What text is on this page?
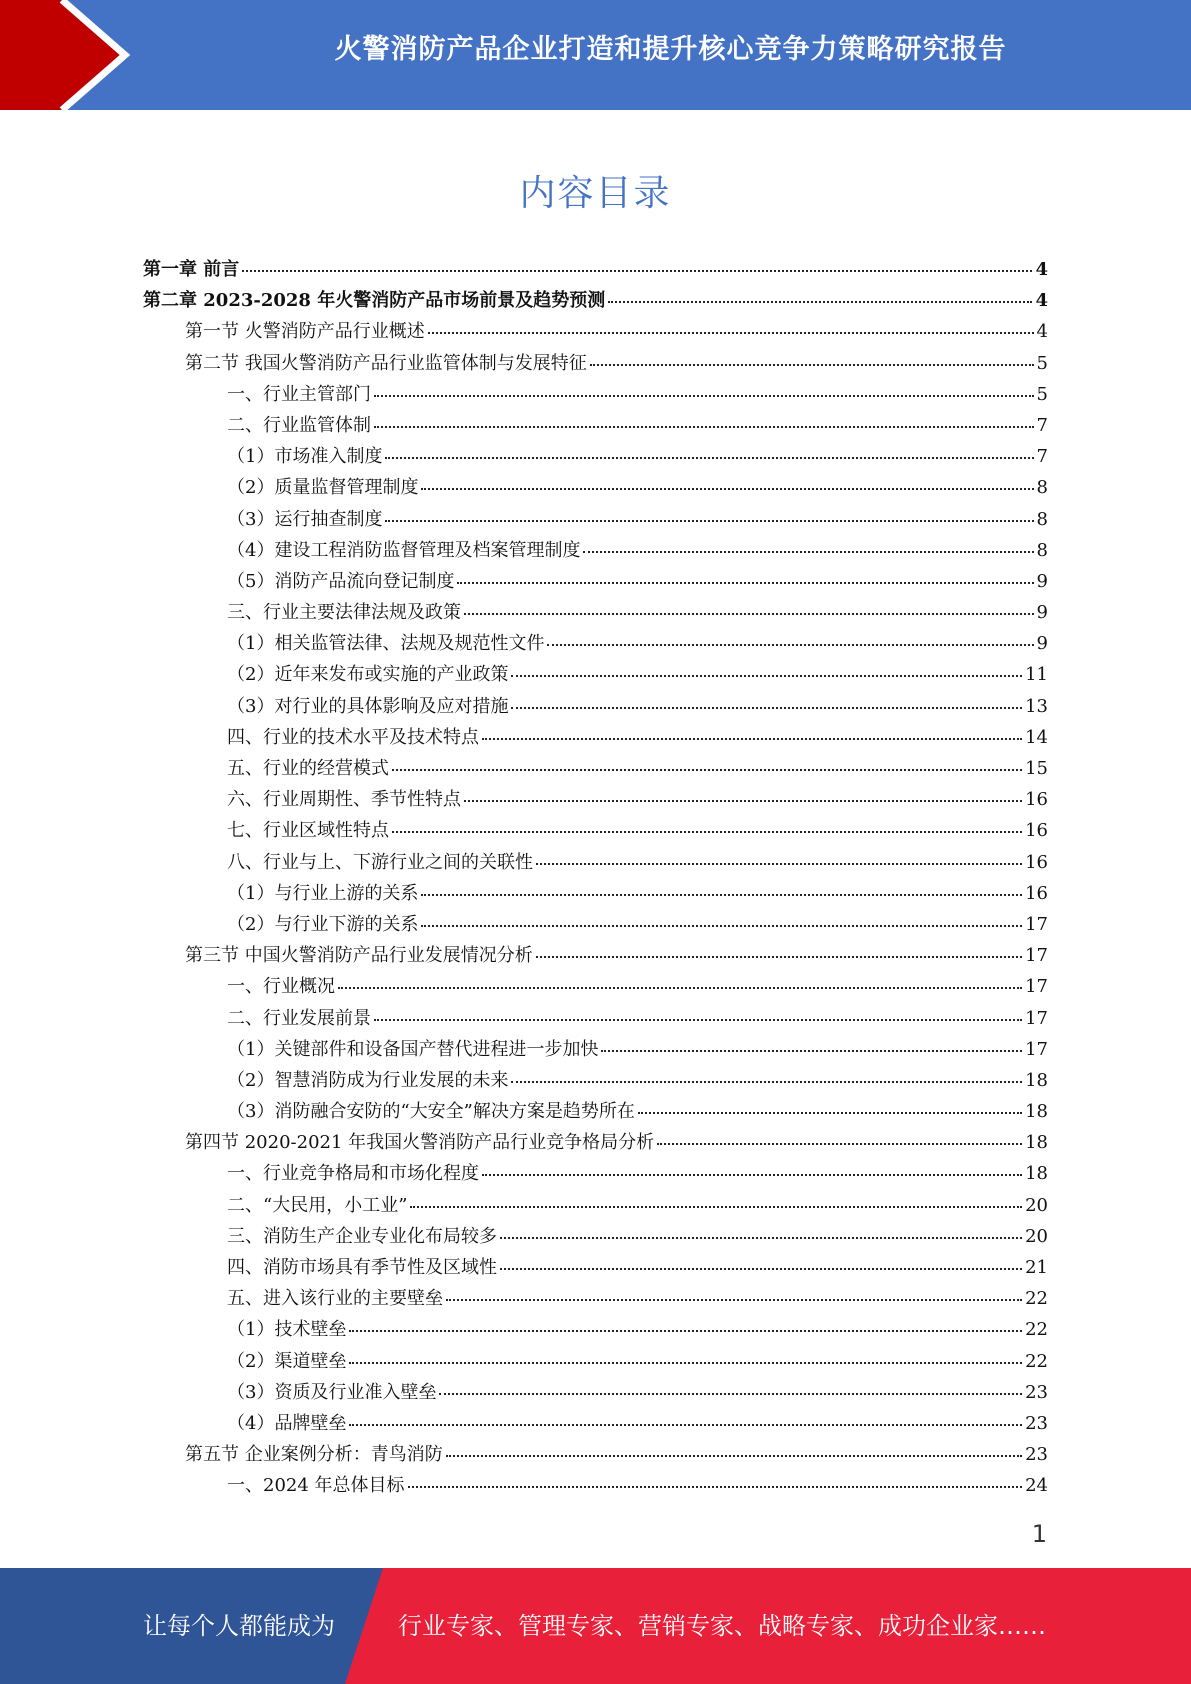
火警消防产品企业打造和提升核心竞争力策略研究报告
内容目录
第一章 前言	4
第二章 2023-2028 年火警消防产品市场前景及趋势预测	4
第一节 火警消防产品行业概述	4
第二节 我国火警消防产品行业监管体制与发展特征	5
一、行业主管部门	5
二、行业监管体制	7
（1）市场准入制度	7
（2）质量监督管理制度	8
（3）运行抽查制度	8
（4）建设工程消防监督管理及档案管理制度	8
（5）消防产品流向登记制度	9
三、行业主要法律法规及政策	9
（1）相关监管法律、法规及规范性文件	9
（2）近年来发布或实施的产业政策	11
（3）对行业的具体影响及应对措施	13
四、行业的技术水平及技术特点	14
五、行业的经营模式	15
六、行业周期性、季节性特点	16
七、行业区域性特点	16
八、行业与上、下游行业之间的关联性	16
（1）与行业上游的关系	16
（2）与行业下游的关系	17
第三节 中国火警消防产品行业发展情况分析	17
一、行业概况	17
二、行业发展前景	17
（1）关键部件和设备国产替代进程进一步加快	17
（2）智慧消防成为行业发展的未来	18
（3）消防融合安防的“大安全”解决方案是趋势所在	18
第四节 2020-2021 年我国火警消防产品行业竞争格局分析	18
一、行业竞争格局和市场化程度	18
二、“大民用，小工业”	20
三、消防生产企业专业化布局较多	20
四、消防市场具有季节性及区域性	21
五、进入该行业的主要壁垒	22
（1）技术壁垒	22
（2）渠道壁垒	22
（3）资质及行业准入壁垒	23
（4）品牌壁垒	23
第五节 企业案例分析：青鸟消防	23
一、2024 年总体目标	24
1
让每个人都能成为	行业专家、管理专家、营销专家、战略专家、成功企业家……
